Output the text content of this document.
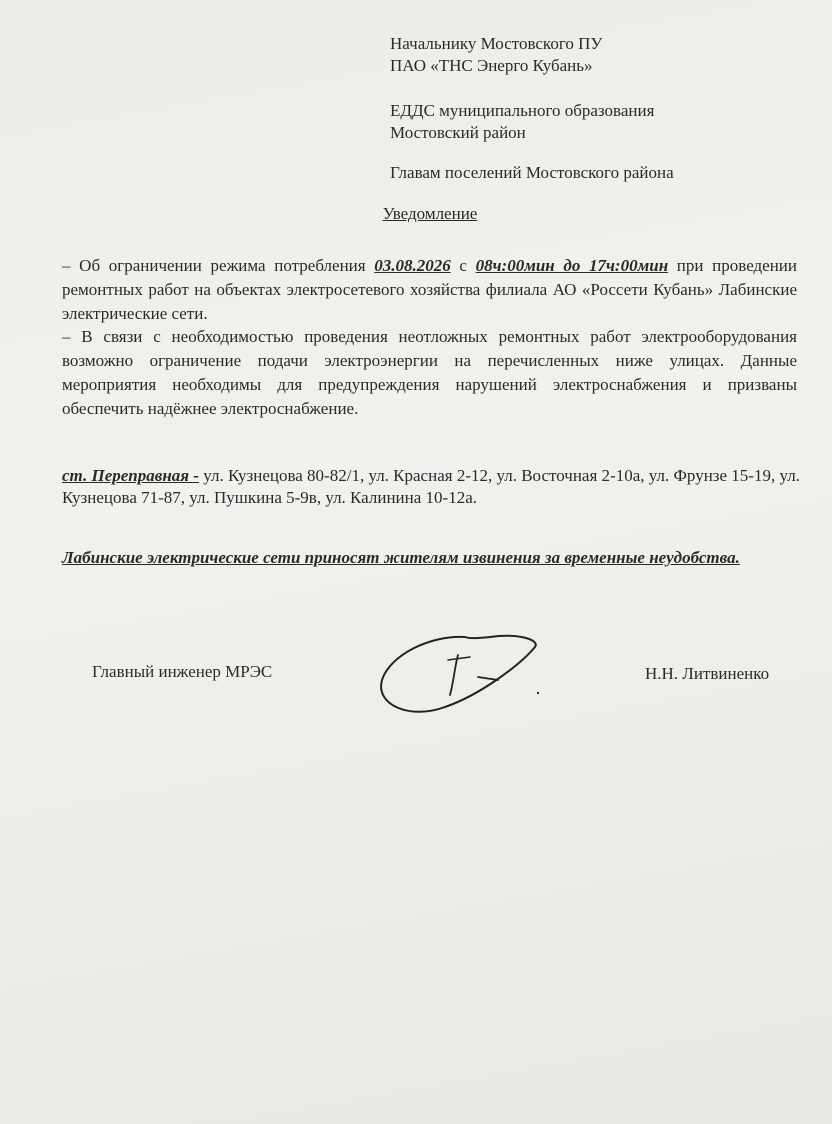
Начальнику Мостовского ПУ
ПАО «ТНС Энерго Кубань»
ЕДДС муниципального образования
Мостовский район
Главам поселений Мостовского района
Уведомление
– Об ограничении режима потребления 03.08.2026 с 08ч:00мин до 17ч:00мин при проведении ремонтных работ на объектах электросетевого хозяйства филиала АО «Россети Кубань» Лабинские электрические сети.
– В связи с необходимостью проведения неотложных ремонтных работ электрооборудования возможно ограничение подачи электроэнергии на перечисленных ниже улицах. Данные мероприятия необходимы для предупреждения нарушений электроснабжения и призваны обеспечить надёжнее электроснабжение.
ст. Переправная - ул. Кузнецова 80-82/1, ул. Красная 2-12, ул. Восточная 2-10а, ул. Фрунзе 15-19, ул. Кузнецова 71-87, ул. Пушкина 5-9в, ул. Калинина 10-12а.
Лабинские электрические сети приносят жителям извинения за временные неудобства.
Главный инженер МРЭС	Н.Н. Литвиненко
